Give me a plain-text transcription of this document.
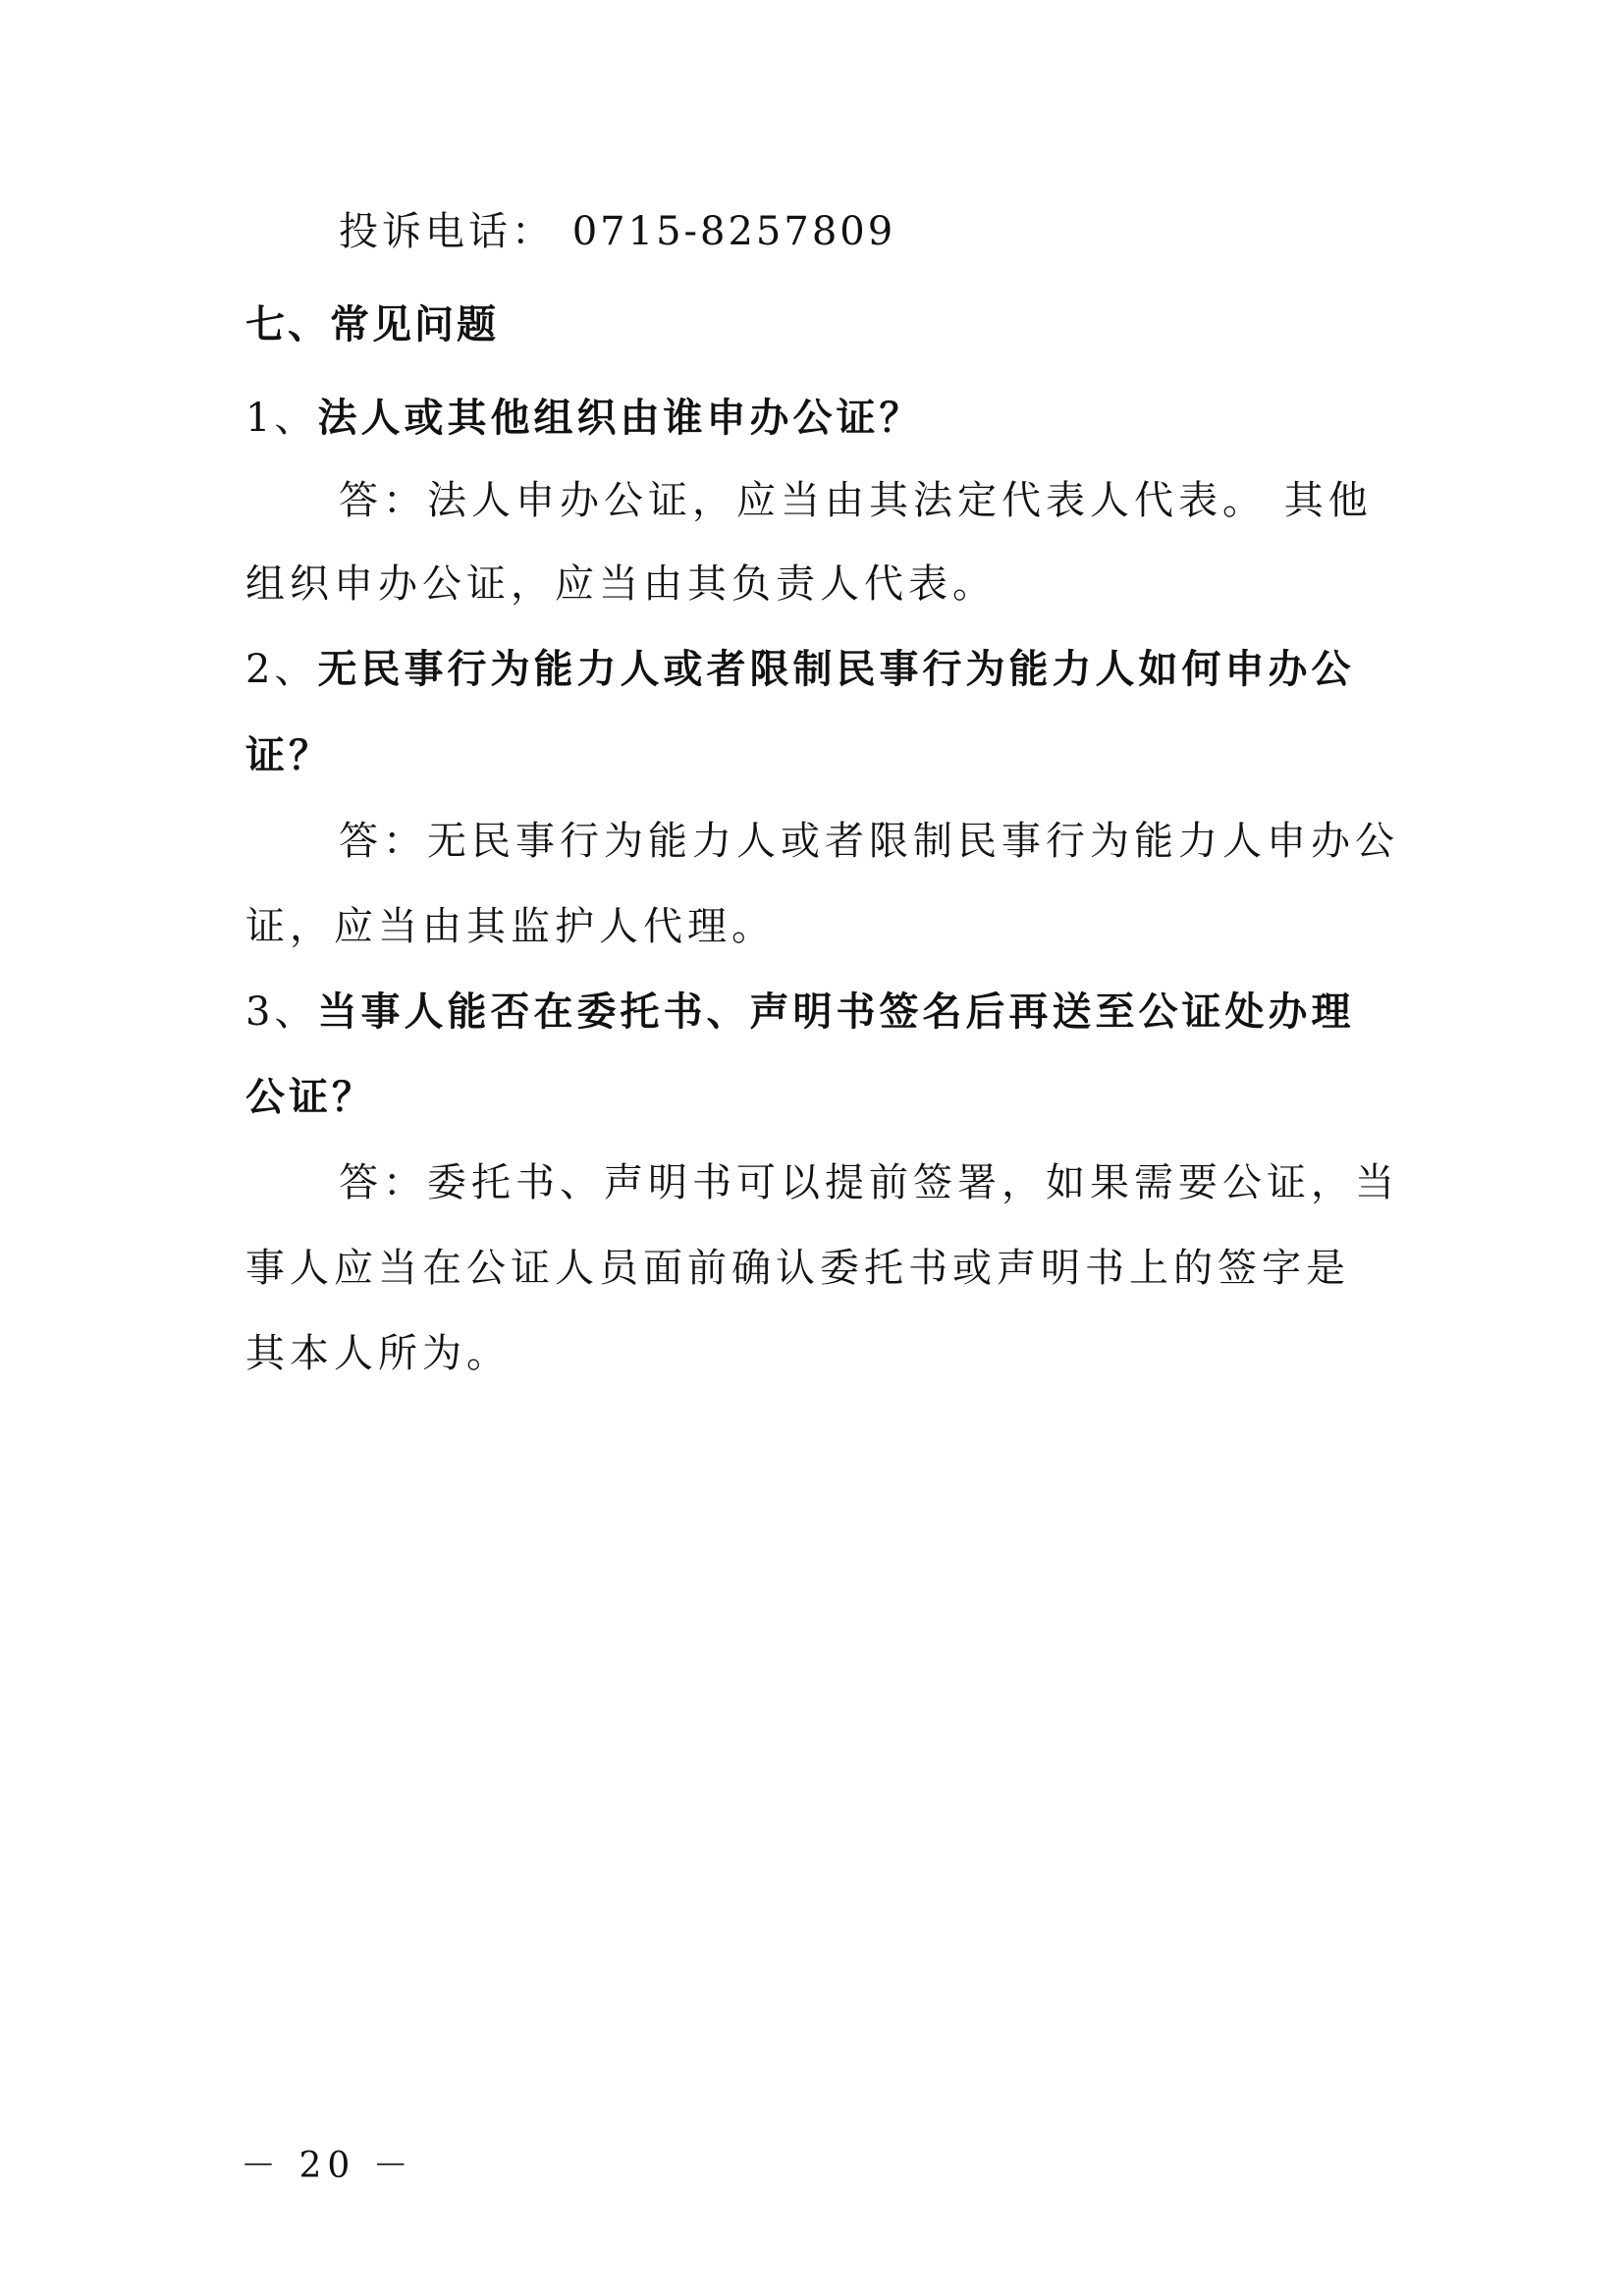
投诉电话： 0715-8257809

七、常见问题

1、法人或其他组织由谁申办公证？

答：法人申办公证，应当由其法定代表人代表。 其他

组织申办公证，应当由其负责人代表。

2、无民事行为能力人或者限制民事行为能力人如何申办公

证？

答：无民事行为能力人或者限制民事行为能力人申办公

证，应当由其监护人代理。

3、当事人能否在委托书、声明书签名后再送至公证处办理

公证？

答：委托书、声明书可以提前签署，如果需要公证，当

事人应当在公证人员面前确认委托书或声明书上的签字是

其本人所为。

－ 20 －
